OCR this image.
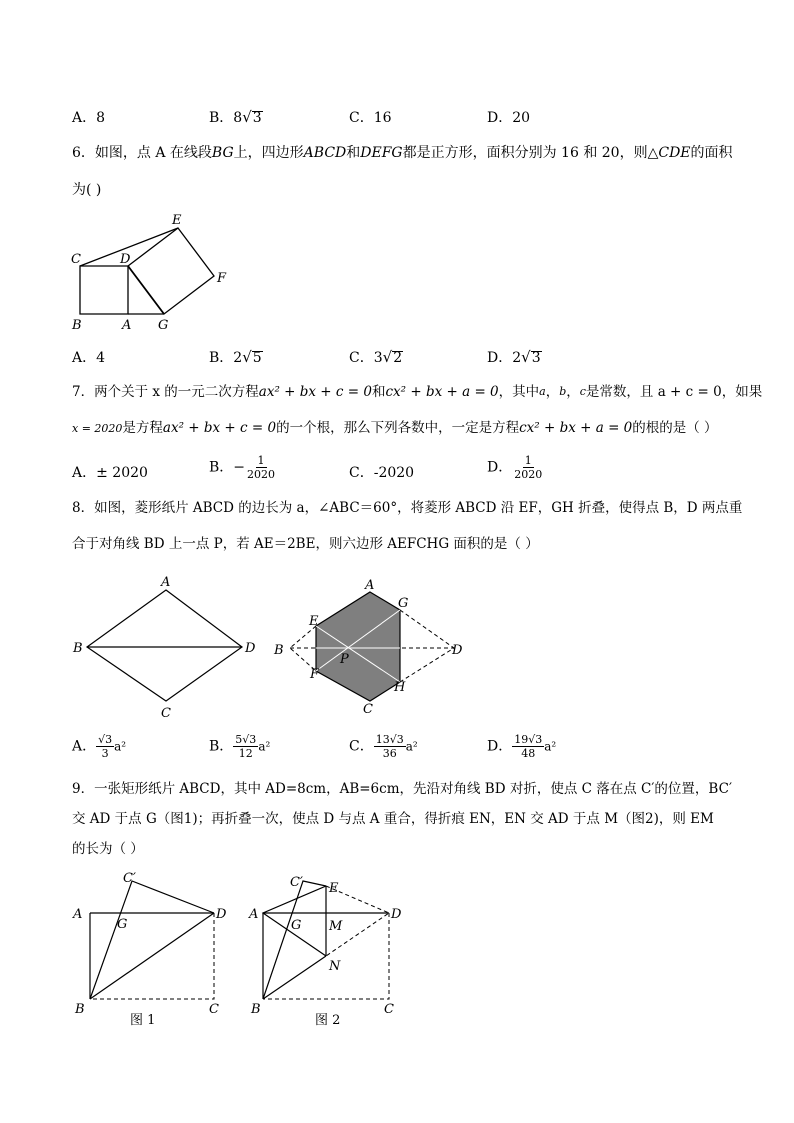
A．8	B．8√3	C．16	D．20
6．如图，点 A 在线段BG上，四边形ABCD和DEFG都是正方形，面积分别为 16 和 20，则△CDE的面积
为( )
E
C	D
F
B	A G
A．4	B．2√5	C．3√2	D．2√3
7．两个关于 x 的一元二次方程ax² + bx + c = 0和cx² + bx + a = 0，其中$^a$，$^b$，$^c$是常数，且 a + c = 0，如果
x = 2020是方程ax² + bx + c = 0的一个根，那么下列各数中，一定是方程cx² + bx + a = 0的根的是（ ）
A．± 2020	B．− $\frac{1}{2020}$	C．-2020	D． $\frac{1}{2020}$
8．如图，菱形纸片 ABCD 的边长为 a，∠ABC＝60°，将菱形 ABCD 沿 EF，GH 折叠，使得点 B，D 两点重
合于对角线 BD 上一点 P，若 AE＝2BE，则六边形 AEFCHG 面积的是（ ）
A
B	D
C
A
G
E
B
P
D
F
H
C
A． $\frac{√3}{3} a^2$	B． $\frac{5√3}{12} a^2$	C． $\frac{13√3}{36} a^2$	D． $\frac{19√3}{48} a^2$
9．一张矩形纸片 ABCD，其中 AD=8cm，AB=6cm，先沿对角线 BD 对折，使点 C 落在点 C′的位置，BC′
交 AD 于点 G（图1)；再折叠一次，使点 D 与点 A 重合，得折痕 EN，EN 交 AD 于点 M（图2)，则 EM
的长为（ ）
C′
A
G
D
B	C
图 1
C′ E
A
G
D
M
N
B	C
图 2
